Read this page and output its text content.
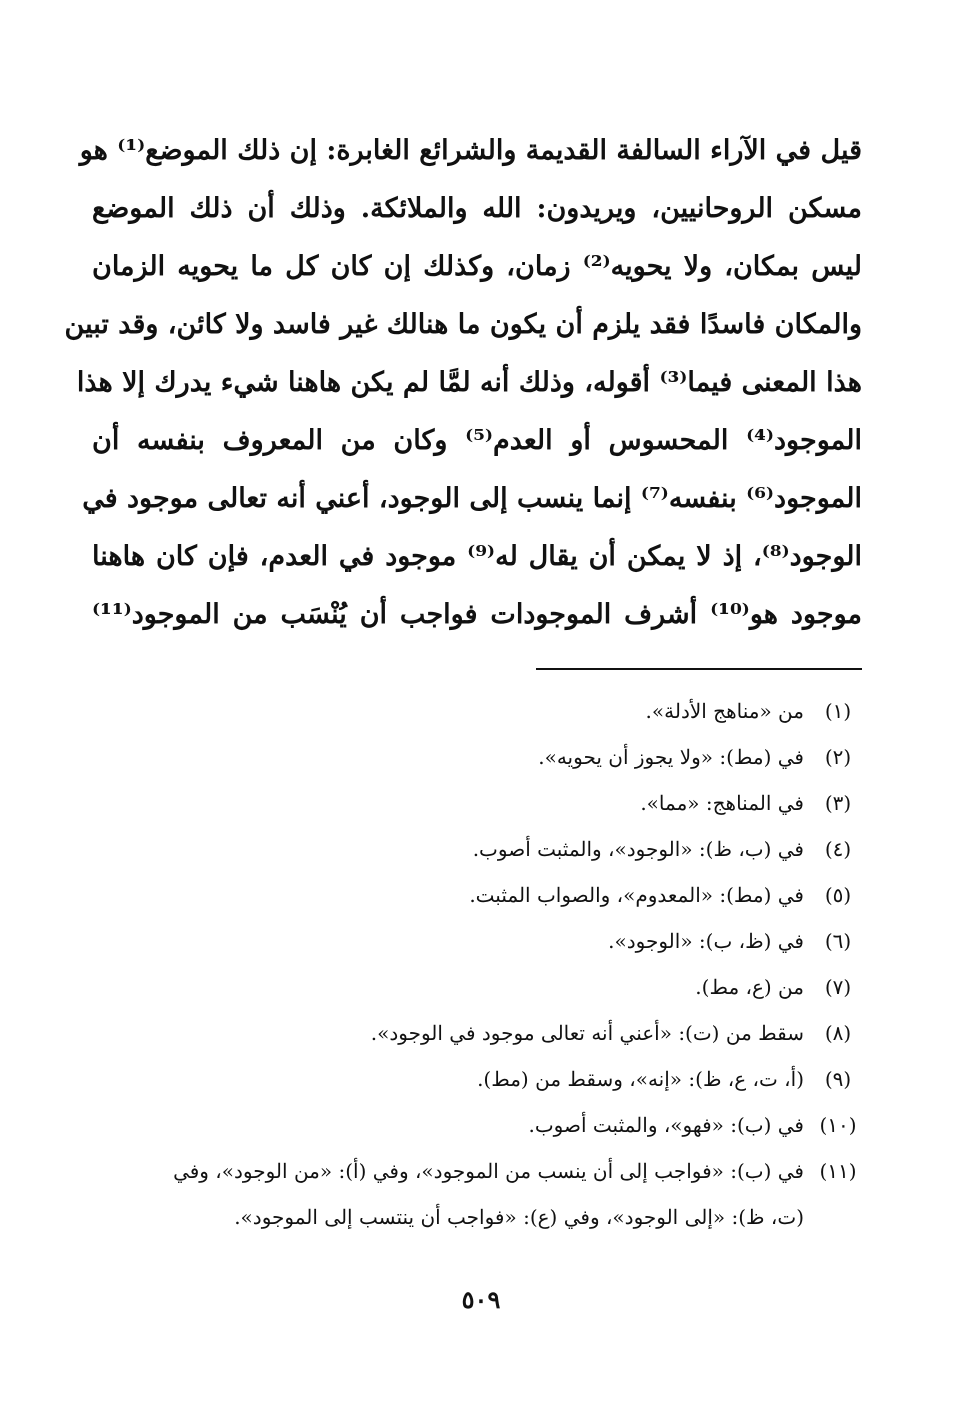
قيل في الآراء السالفة القديمة والشرائع الغابرة: إن ذلك الموضع⁽¹⁾ هو
مسكن الروحانيين، ويريدون: الله والملائكة. وذلك أن ذلك الموضع
ليس بمكان، ولا يحويه⁽²⁾ زمان، وكذلك إن كان كل ما يحويه الزمان
والمكان فاسدًا فقد يلزم أن يكون ما هنالك غير فاسد ولا كائن، وقد تبين
هذا المعنى فيما⁽³⁾ أقوله، وذلك أنه لمَّا لم يكن هاهنا شيء يدرك إلا هذا
الموجود⁽⁴⁾ المحسوس أو العدم⁽⁵⁾ وكان من المعروف بنفسه أن
الموجود⁽⁶⁾ بنفسه⁽⁷⁾ إنما ينسب إلى الوجود، أعني أنه تعالى موجود في
الوجود⁽⁸⁾، إذ لا يمكن أن يقال له⁽⁹⁾ موجود في العدم، فإن كان هاهنا
موجود هو⁽¹⁰⁾ أشرف الموجودات فواجب أن يُنْسَب من الموجود⁽¹¹⁾
(١)من «مناهج الأدلة».
(٢)في (مط): «ولا يجوز أن يحويه».
(٣)في المناهج: «مما».
(٤)في (ب، ظ): «الوجود»، والمثبت أصوب.
(٥)في (مط): «المعدوم»، والصواب المثبت.
(٦)في (ظ، ب): «الوجود».
(٧)من (ع، مط).
(٨)سقط من (ت): «أعني أنه تعالى موجود في الوجود».
(٩)(أ، ت، ع، ظ): «إنه»، وسقط من (مط).
(١٠)في (ب): «فهو»، والمثبت أصوب.
(١١)في (ب): «فواجب إلى أن ينسب من الموجود»، وفي (أ): «من الوجود»، وفي
(ت، ظ): «إلى الوجود»، وفي (ع): «فواجب أن ينتسب إلى الموجود».
٥٠٩
